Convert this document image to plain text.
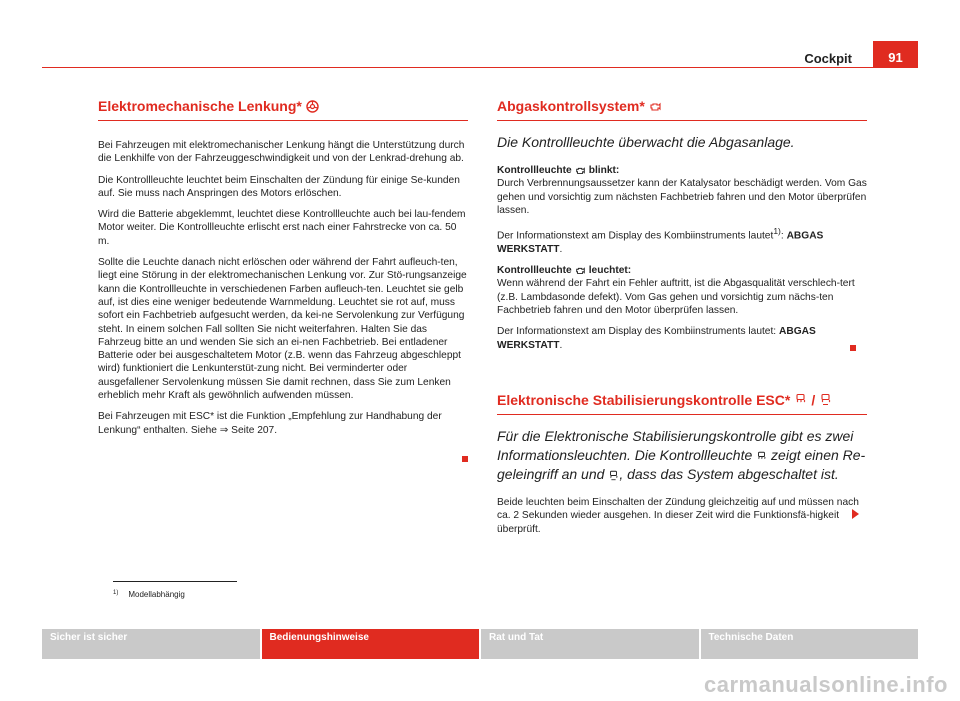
Cockpit	91
Elektromechanische Lenkung*

Bei Fahrzeugen mit elektromechanischer Lenkung hängt die Unterstützung durch die Lenkhilfe von der Fahrzeuggeschwindigkeit und von der Lenkrad-drehung ab.

Die Kontrollleuchte leuchtet beim Einschalten der Zündung für einige Se-kunden auf. Sie muss nach Anspringen des Motors erlöschen.

Wird die Batterie abgeklemmt, leuchtet diese Kontrollleuchte auch bei lau-fendem Motor weiter. Die Kontrollleuchte erlischt erst nach einer Fahrstrecke von ca. 50 m.

Sollte die Leuchte danach nicht erlöschen oder während der Fahrt aufleuch-ten, liegt eine Störung in der elektromechanischen Lenkung vor. Zur Stö-rungsanzeige kann die Kontrollleuchte in verschiedenen Farben aufleuch-ten. Leuchtet sie gelb auf, ist dies eine weniger bedeutende Warnmeldung. Leuchtet sie rot auf, muss sofort ein Fachbetrieb aufgesucht werden, da kei-ne Servolenkung zur Verfügung steht. In einem solchen Fall sollten Sie nicht weiterfahren. Halten Sie das Fahrzeug bitte an und wenden Sie sich an ei-nen Fachbetrieb. Bei entladener Batterie oder bei ausgeschaltetem Motor (z.B. wenn das Fahrzeug abgeschleppt wird) funktioniert die Lenkunterstüt-zung nicht. Bei verminderter oder ausgefallener Servolenkung müssen Sie damit rechnen, dass Sie zum Lenken erheblich mehr Kraft als gewöhnlich aufwenden müssen.

Bei Fahrzeugen mit ESC* ist die Funktion „Empfehlung zur Handhabung der Lenkung“ enthalten. Siehe ⇒ Seite 207.

Abgaskontrollsystem*

Die Kontrollleuchte überwacht die Abgasanlage.

Kontrollleuchte blinkt:

Durch Verbrennungsaussetzer kann der Katalysator beschädigt werden. Vom Gas gehen und vorsichtig zum nächsten Fachbetrieb fahren und den Motor überprüfen lassen.

Der Informationstext am Display des Kombiinstruments lautet$^{1)}$: ABGAS WERKSTATT.

Kontrollleuchte leuchtet:

Wenn während der Fahrt ein Fehler auftritt, ist die Abgasqualität verschlech-tert (z.B. Lambdasonde defekt). Vom Gas gehen und vorsichtig zum nächs-ten Fachbetrieb fahren und den Motor überprüfen lassen.

Der Informationstext am Display des Kombiinstruments lautet: ABGAS WERKSTATT.

Elektronische Stabilisierungskontrolle ESC* /

Für die Elektronische Stabilisierungskontrolle gibt es zwei Informationsleuchten. Die Kontrollleuchte zeigt einen Re-geleingriff an und , dass das System abgeschaltet ist.

Beide leuchten beim Einschalten der Zündung gleichzeitig auf und müssen nach ca. 2 Sekunden wieder ausgehen. In dieser Zeit wird die Funktionsfä-higkeit überprüft.

1) Modellabhängig
Sicher ist sicher	Bedienungshinweise	Rat und Tat	Technische Daten
carmanualsonline.info
